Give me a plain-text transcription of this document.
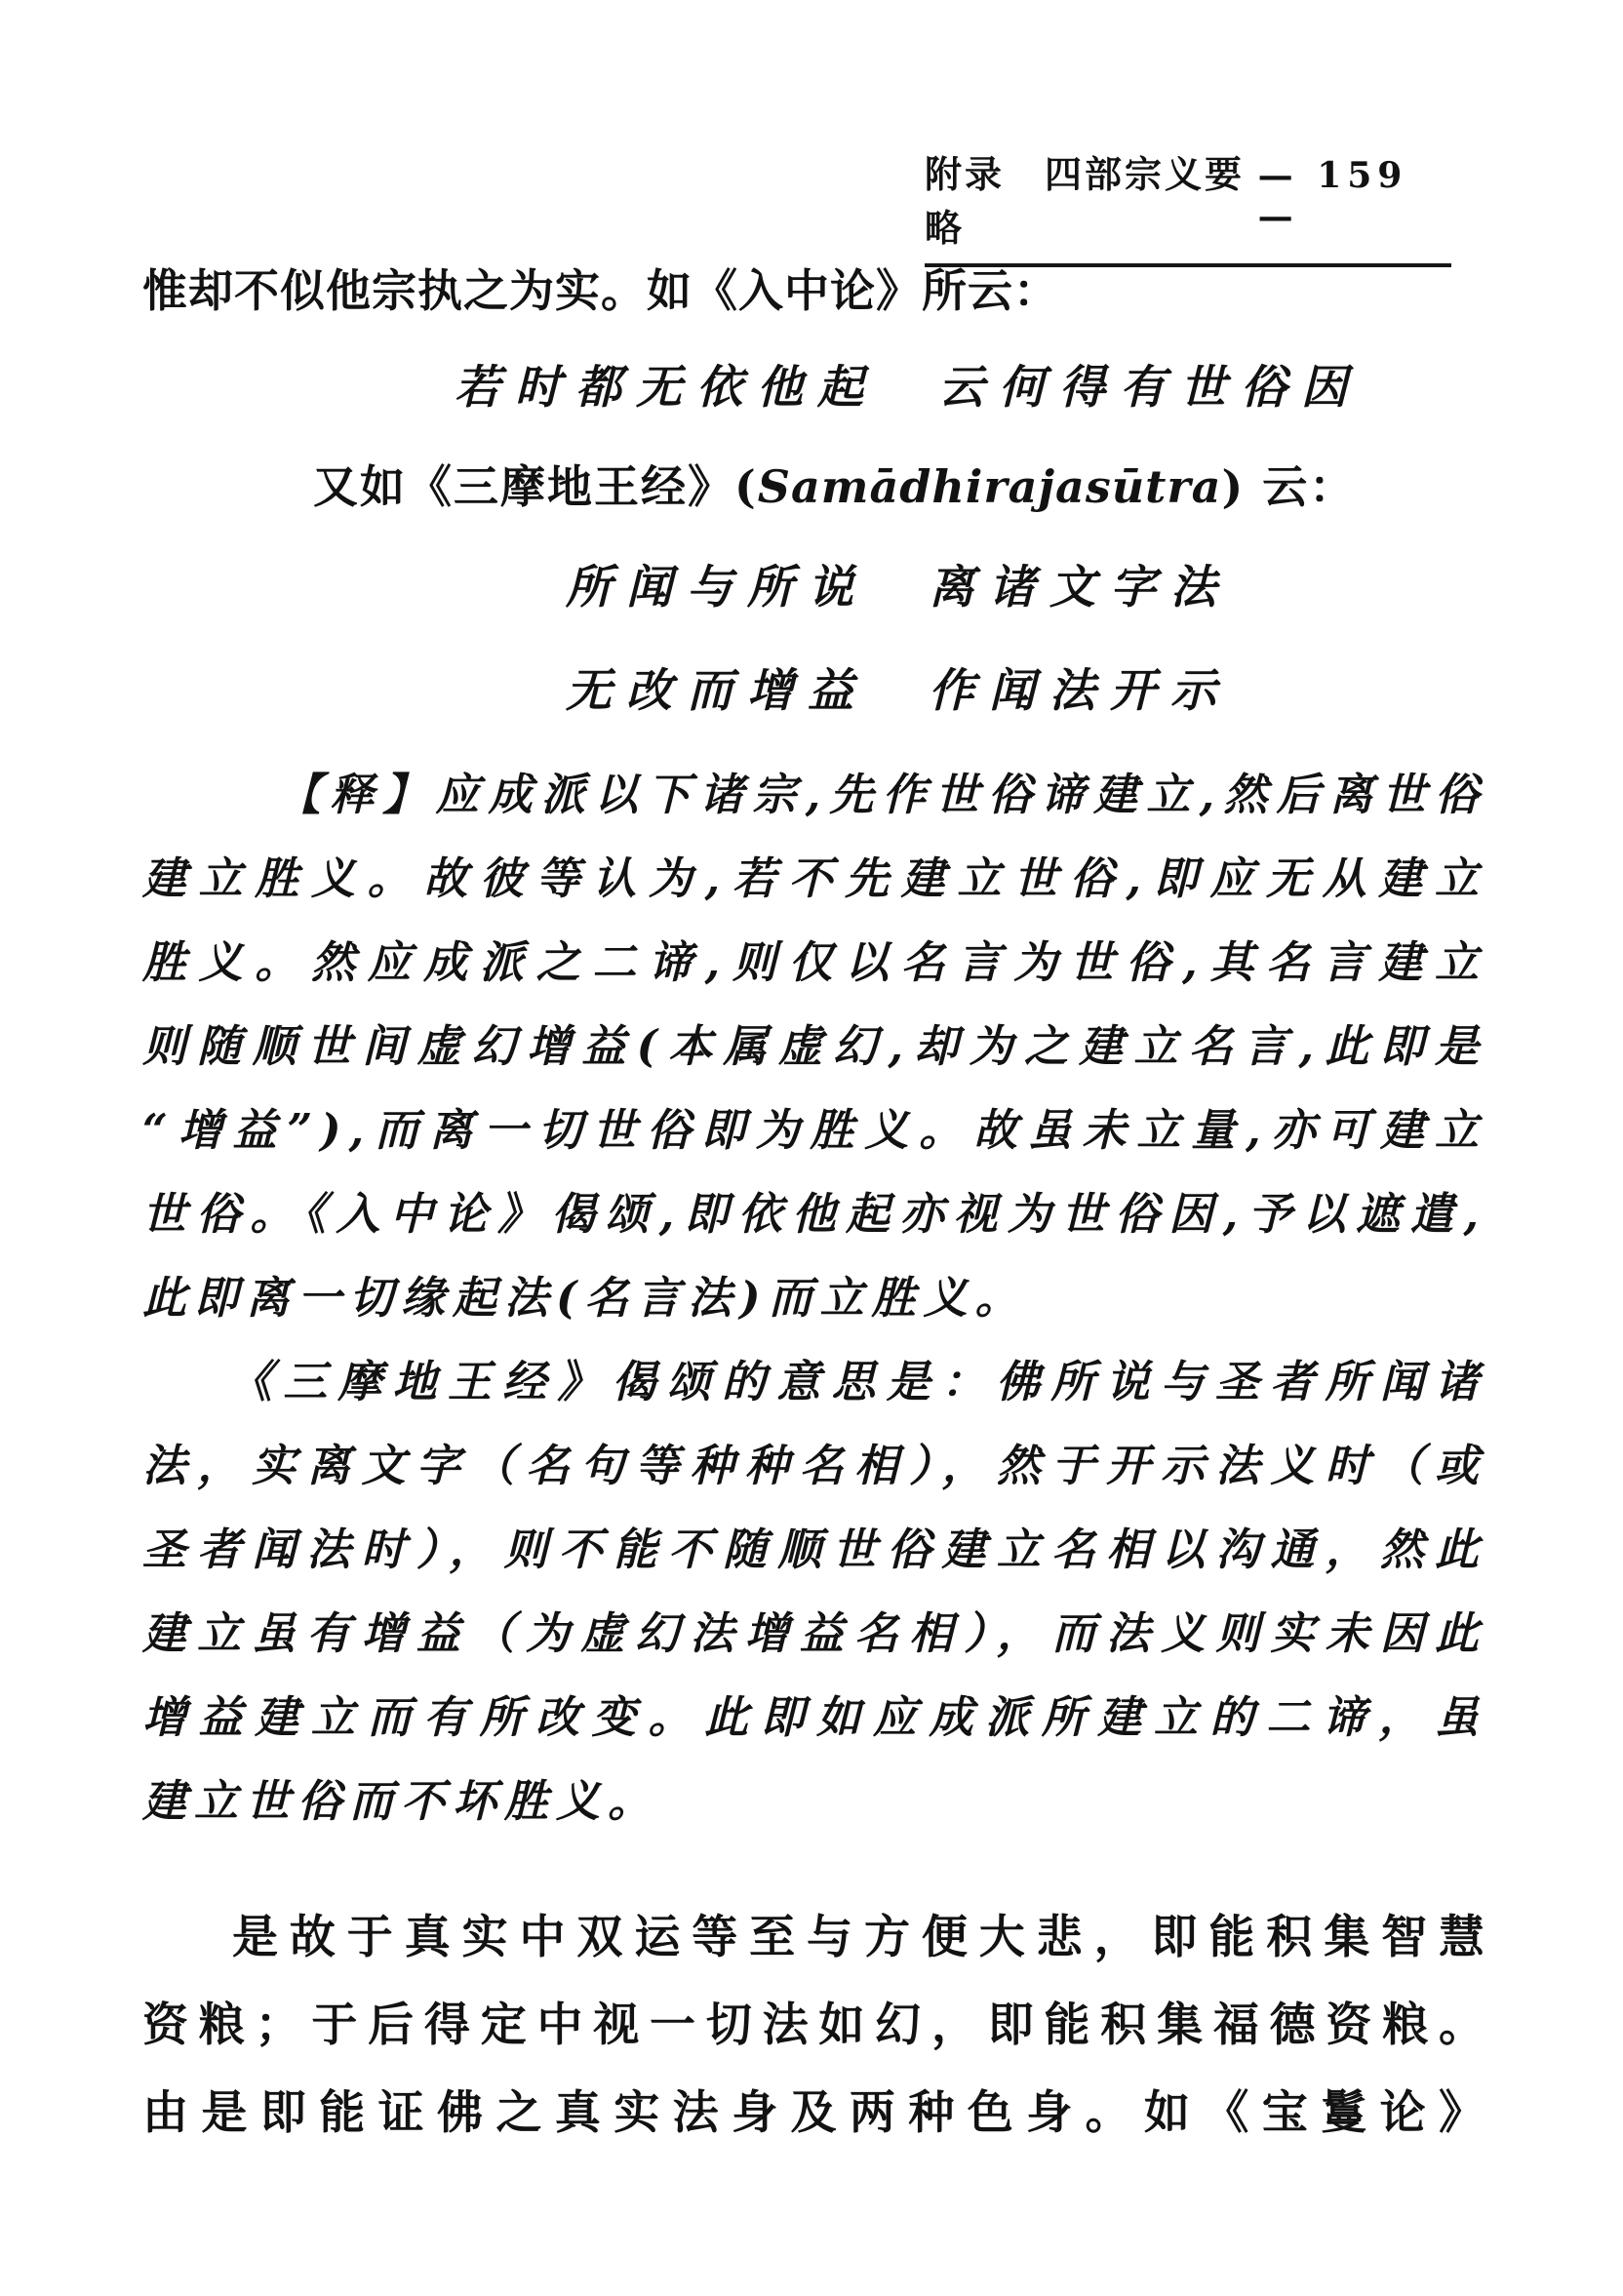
附录　四部宗义要略
— 159 —
惟却不似他宗执之为实。如《入中论》所云：
若时都无依他起　云何得有世俗因
又如《三摩地王经》(Samādhirajasūtra) 云：
所闻与所说　离诸文字法
无改而增益　作闻法开示
【释】应成派以下诸宗,先作世俗谛建立,然后离世俗
建立胜义。故彼等认为,若不先建立世俗,即应无从建立
胜义。然应成派之二谛,则仅以名言为世俗,其名言建立
则随顺世间虚幻增益(本属虚幻,却为之建立名言,此即是
“增益”),而离一切世俗即为胜义。故虽未立量,亦可建立
世俗。《入中论》偈颂,即依他起亦视为世俗因,予以遮遣,
此即离一切缘起法(名言法)而立胜义。
《三摩地王经》偈颂的意思是：佛所说与圣者所闻诸
法，实离文字（名句等种种名相），然于开示法义时（或
圣者闻法时），则不能不随顺世俗建立名相以沟通，然此
建立虽有增益（为虚幻法增益名相），而法义则实未因此
增益建立而有所改变。此即如应成派所建立的二谛，虽
建立世俗而不坏胜义。
是故于真实中双运等至与方便大悲，即能积集智慧
资粮；于后得定中视一切法如幻，即能积集福德资粮。
由是即能证佛之真实法身及两种色身。如《宝鬘论》
